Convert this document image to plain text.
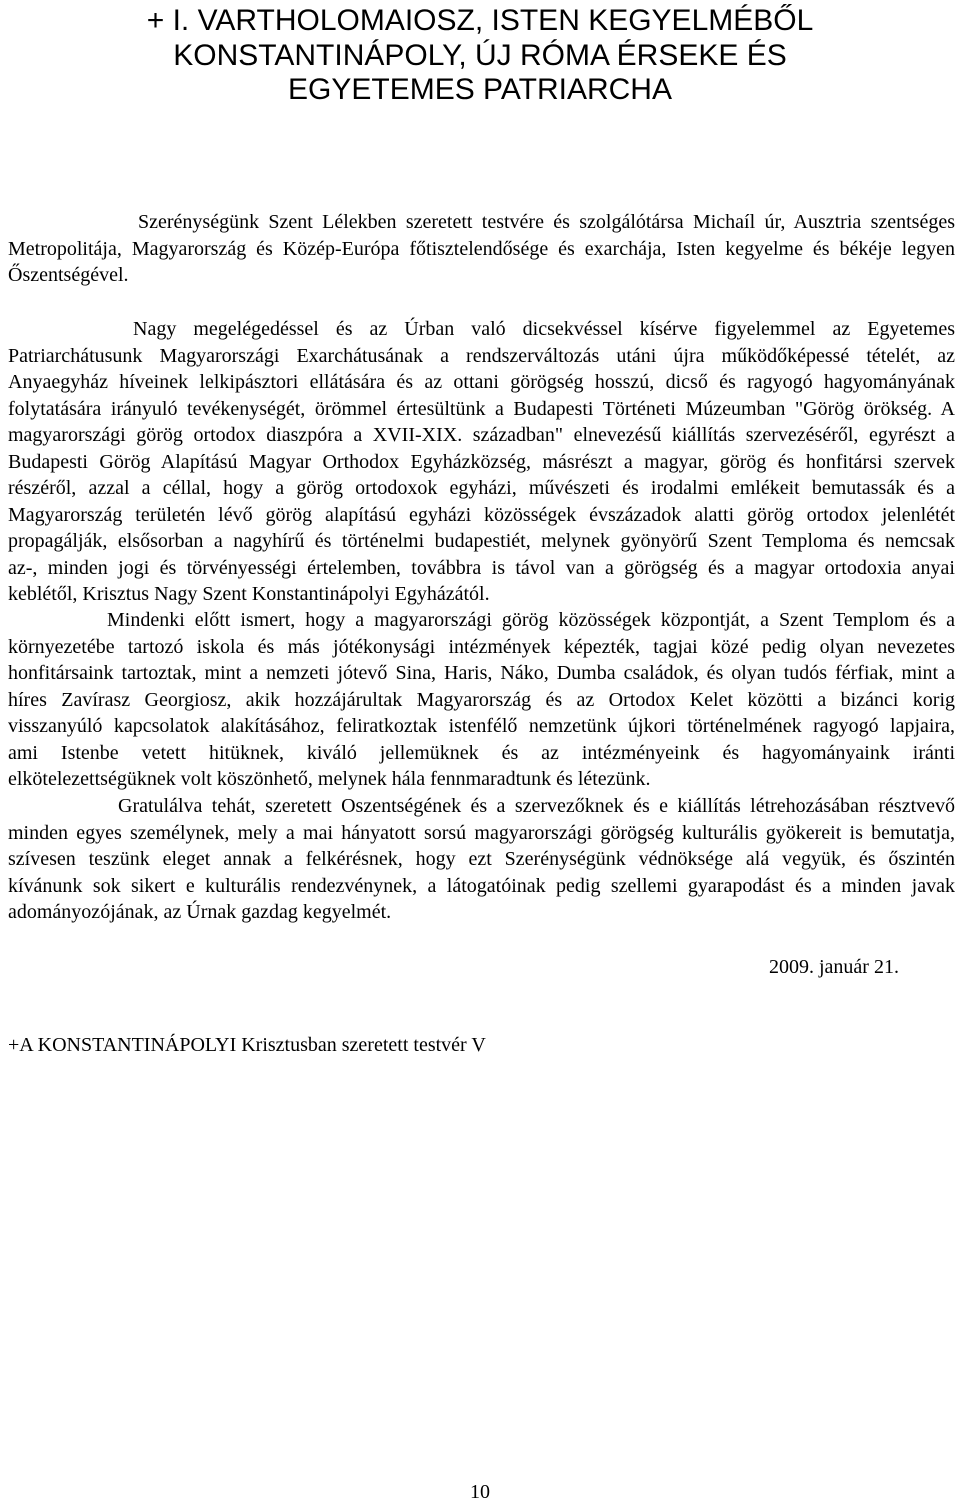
+ I. VARTHOLOMAIOSZ, ISTEN KEGYELMÉBŐL
KONSTANTINÁPOLY, ÚJ RÓMA ÉRSEKE ÉS
EGYETEMES PATRIARCHA
Szerénységünk Szent Lélekben szeretett testvére és szolgálótársa Michaíl úr, Ausztria szentséges
Metropolitája, Magyarország és Közép-Európa főtisztelendősége és exarchája, Isten kegyelme és békéje legyen
Őszentségével.
Nagy megelégedéssel és az Úrban való dicsekvéssel kísérve figyelemmel az Egyetemes
Patriarchátusunk Magyarországi Exarchátusának a rendszerváltozás utáni újra működőképessé tételét, az
Anyaegyház híveinek lelkipásztori ellátására és az ottani görögség hosszú, dicső és ragyogó hagyományának
folytatására irányuló tevékenységét, örömmel értesültünk a Budapesti Történeti Múzeumban "Görög örökség. A
magyarországi görög ortodox diaszpóra a XVII-XIX. században" elnevezésű kiállítás szervezéséről, egyrészt a
Budapesti Görög Alapítású Magyar Orthodox Egyházközség, másrészt a magyar, görög és honfitársi szervek
részéről, azzal a céllal, hogy a görög ortodoxok egyházi, művészeti és irodalmi emlékeit bemutassák és a
Magyarország területén lévő görög alapítású egyházi közösségek évszázadok alatti görög ortodox jelenlétét
propagálják, elsősorban a nagyhírű és történelmi budapestiét, melynek gyönyörű Szent Temploma és nemcsak
az-, minden jogi és törvényességi értelemben, továbbra is távol van a görögség és a magyar ortodoxia anyai
keblétől, Krisztus Nagy Szent Konstantinápolyi Egyházától.
Mindenki előtt ismert, hogy a magyarországi görög közösségek központját, a Szent Templom és a
környezetébe tartozó iskola és más jótékonysági intézmények képezték, tagjai közé pedig olyan nevezetes
honfitársaink tartoztak, mint a nemzeti jótevő Sina, Haris, Náko, Dumba családok, és olyan tudós férfiak, mint a
híres Zavírasz Georgiosz, akik hozzájárultak Magyarország és az Ortodox Kelet közötti a bizánci korig
visszanyúló kapcsolatok alakításához, feliratkoztak istenfélő nemzetünk újkori történelmének ragyogó lapjaira,
ami Istenbe vetett hitüknek, kiváló jellemüknek és az intézményeink és hagyományaink iránti
elkötelezettségüknek volt köszönhető, melynek hála fennmaradtunk és létezünk.
Gratulálva tehát, szeretett Oszentségének és a szervezőknek és e kiállítás létrehozásában résztvevő
minden egyes személynek, mely a mai hányatott sorsú magyarországi görögség kulturális gyökereit is bemutatja,
szívesen teszünk eleget annak a felkérésnek, hogy ezt Szerénységünk védnöksége alá vegyük, és őszintén
kívánunk sok sikert e kulturális rendezvénynek, a látogatóinak pedig szellemi gyarapodást és a minden javak
adományozójának, az Úrnak gazdag kegyelmét.
2009. január 21.
+A KONSTANTINÁPOLYI Krisztusban szeretett testvér V
10
